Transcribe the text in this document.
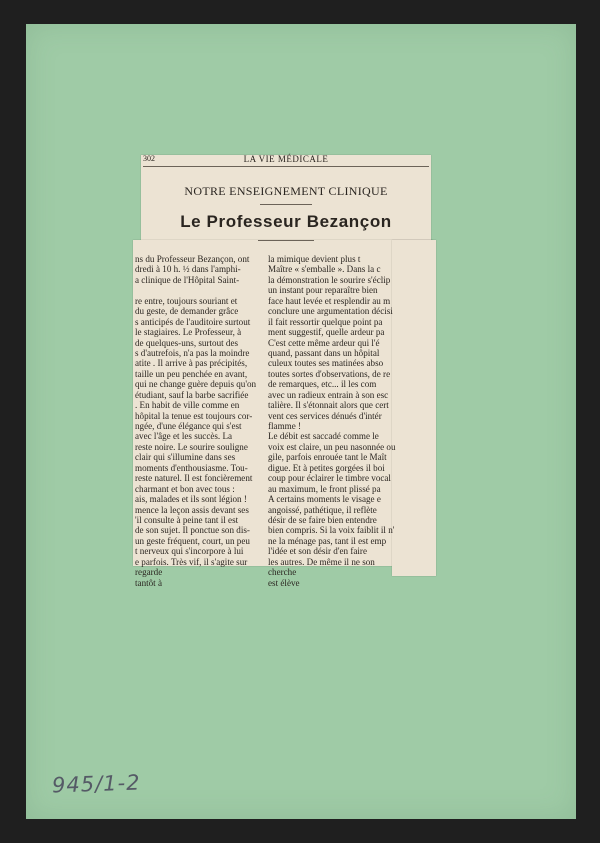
302	LA VIE MÉDICALE
NOTRE ENSEIGNEMENT CLINIQUE
Le Professeur Bezançon
ns du Professeur Bezançon, ont
dredi à 10 h. ½ dans l'amphi-
a clinique de l'Hôpital Saint-
re entre, toujours souriant et
du geste, de demander grâce
s anticipés de l'auditoire surtout
le stagiaires. Le Professeur, à
de quelques-uns, surtout des
s d'autrefois, n'a pas la moindre
atite . Il arrive à pas précipités,
taille un peu penchée en avant,
qui ne change guère depuis qu'on
étudiant, sauf la barbe sacrifiée
. En habit de ville comme en
hôpital la tenue est toujours cor-
ngée, d'une élégance qui s'est
avec l'âge et les succès. La
reste noire. Le sourire souligne
clair qui s'illumine dans ses
moments d'enthousiasme. Tou-
reste naturel. Il est foncièrement
charmant et bon avec tous :
ais, malades et ils sont légion !
mence la leçon assis devant ses
'il consulte à peine tant il est
de son sujet. Il ponctue son dis-
un geste fréquent, court, un peu
t nerveux qui s'incorpore à lui
e parfois. Très vif, il s'agite sur
regarde
tantôt à
la mimique devient plus t
Maître « s'emballe ». Dans la c
la démonstration le sourire s'éclip
un instant pour reparaître bien
face haut levée et resplendir au m
conclure une argumentation décisi
il fait ressortir quelque point pa
ment suggestif, quelle ardeur pa
C'est cette même ardeur qui l'é
quand, passant dans un hôpital
culeux toutes ses matinées abso
toutes sortes d'observations, de re
de remarques, etc... il les com
avec un radieux entrain à son esc
talière. Il s'étonnait alors que cert
vent ces services dénués d'intér
flamme !
Le débit est saccadé comme le
voix est claire, un peu nasonnée ou
gile, parfois enrouée tant le Maît
digue. Et à petites gorgées il boi
coup pour éclairer le timbre vocal
au maximum, le front plissé pa
A certains moments le visage e
angoissé, pathétique, il reflète
désir de se faire bien entendre
bien compris. Si la voix faiblit il n'
ne la ménage pas, tant il est emp
l'idée et son désir d'en faire
les autres. De même il ne son
cherche
est élève
945/1-2
